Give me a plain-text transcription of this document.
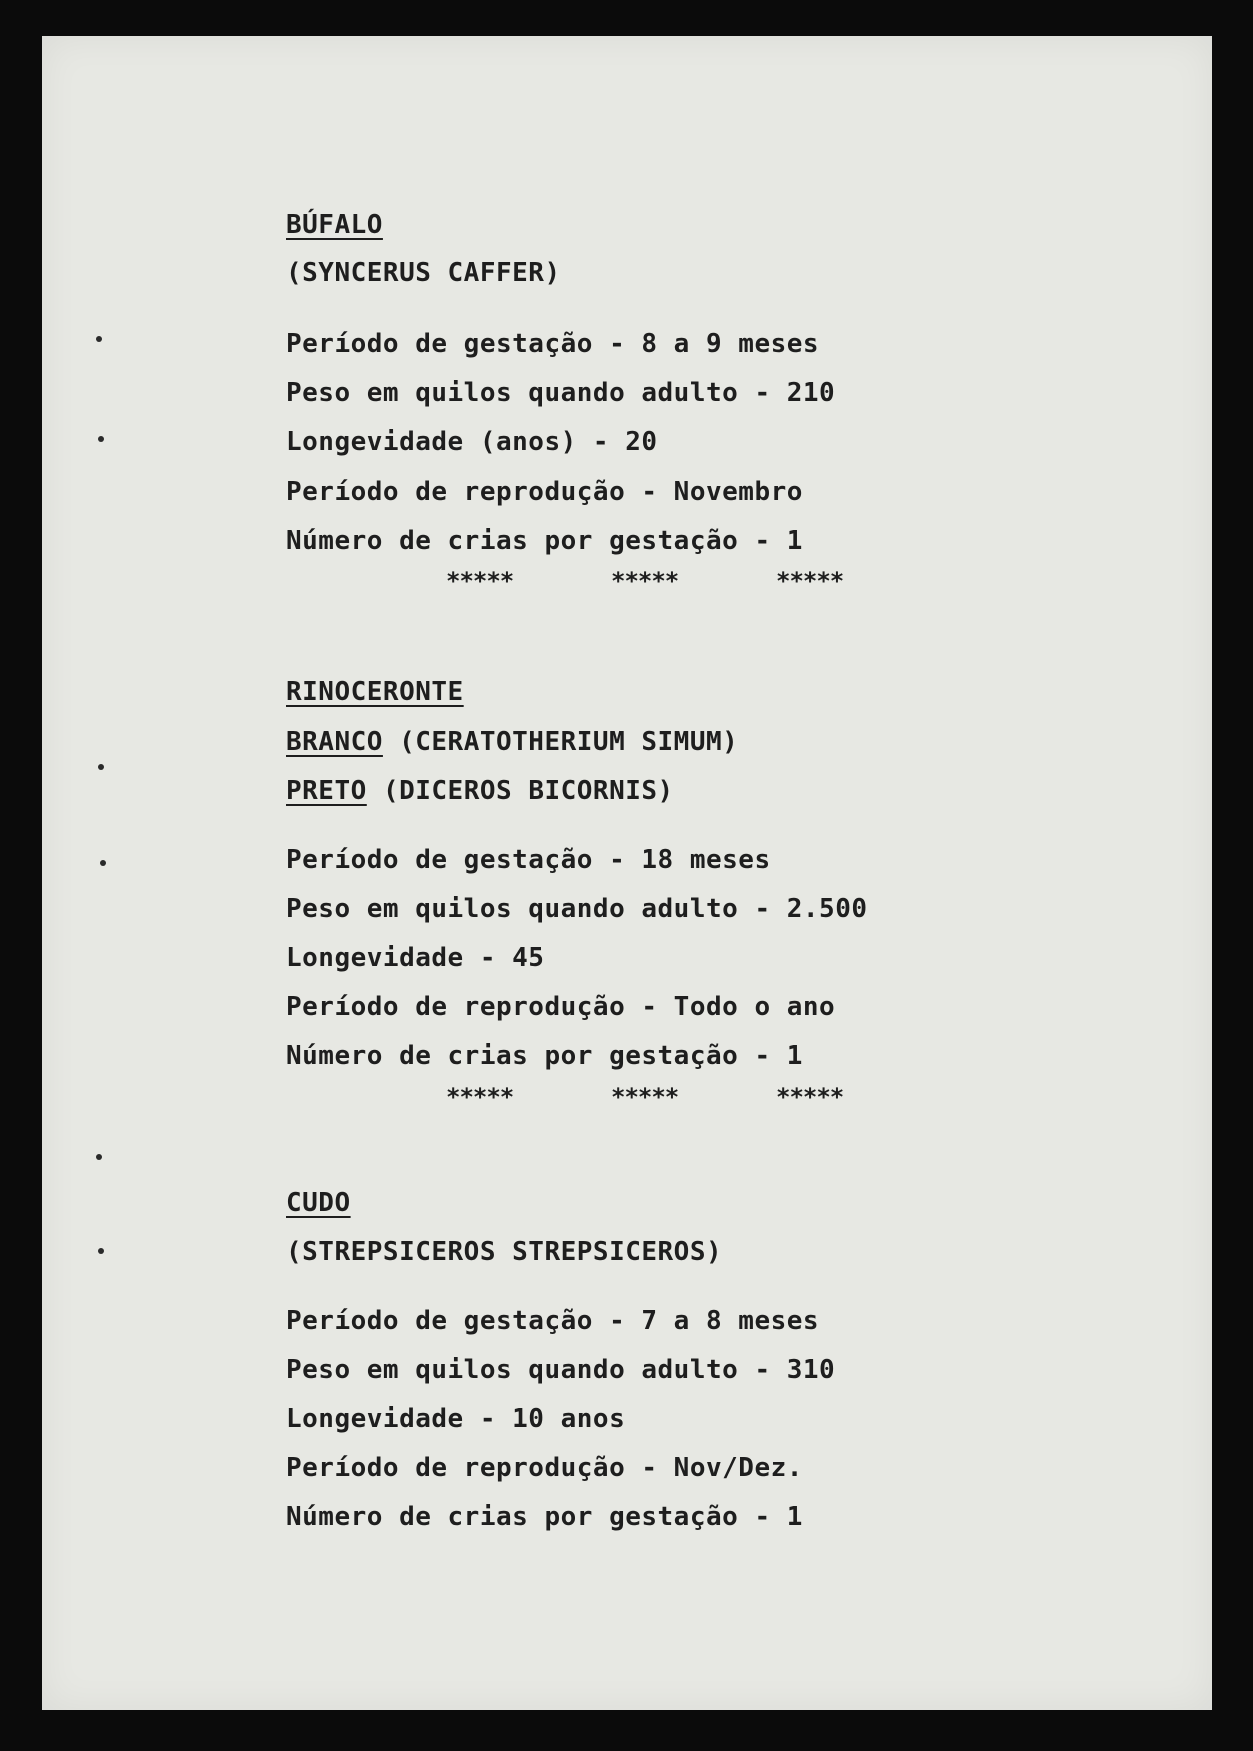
BÚFALO

(SYNCERUS CAFFER)

Período de gestação - 8 a 9 meses

Peso em quilos quando adulto - 210

Longevidade (anos) - 20

Período de reprodução - Novembro

Número de crias por gestação - 1

*****

	*****

	*****

RINOCERONTE

BRANCO (CERATOTHERIUM SIMUM)

PRETO (DICEROS BICORNIS)

Período de gestação - 18 meses

Peso em quilos quando adulto - 2.500

Longevidade - 45

Período de reprodução - Todo o ano

Número de crias por gestação - 1

*****

	*****

	*****

CUDO

(STREPSICEROS STREPSICEROS)

Período de gestação - 7 a 8 meses

Peso em quilos quando adulto - 310

Longevidade - 10 anos

Período de reprodução - Nov/Dez.

Número de crias por gestação - 1
